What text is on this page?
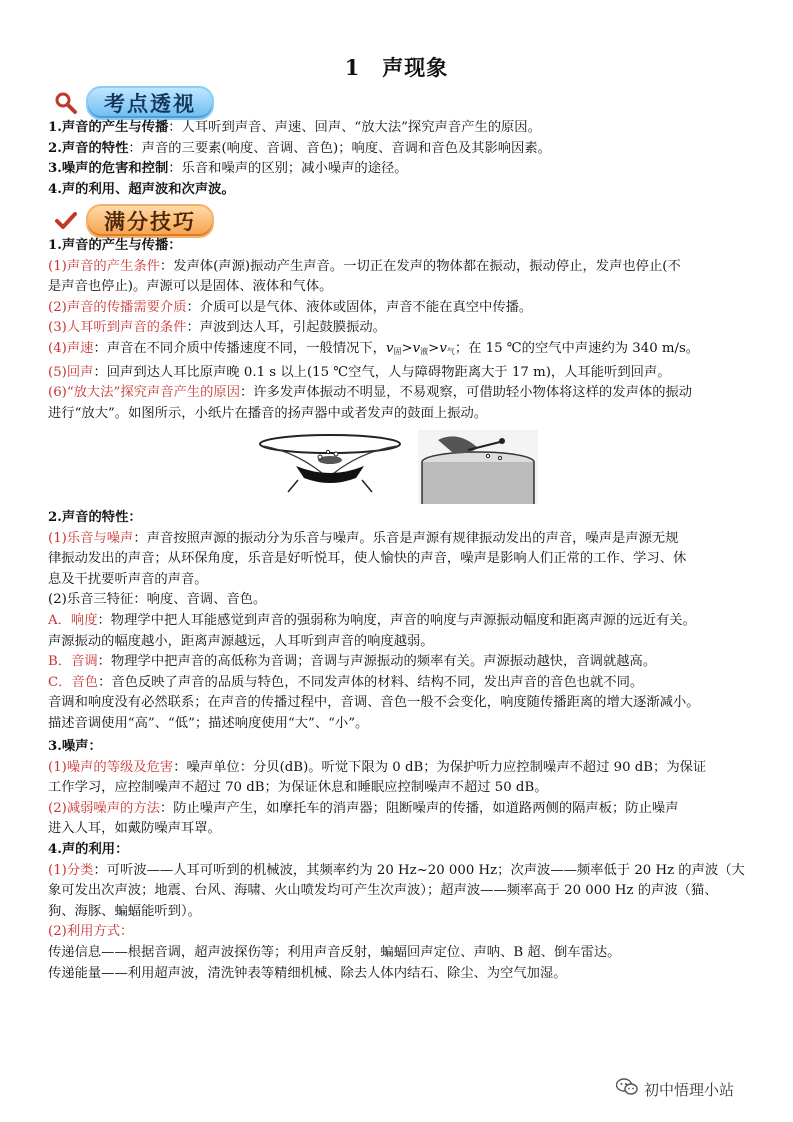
1　声现象
考点透视
1.声音的产生与传播：人耳听到声音、声速、回声、“放大法”探究声音产生的原因。
2.声音的特性：声音的三要素(响度、音调、音色)；响度、音调和音色及其影响因素。
3.噪声的危害和控制：乐音和噪声的区别；减小噪声的途径。
4.声的利用、超声波和次声波。
满分技巧
1.声音的产生与传播：
(1)声音的产生条件：发声体(声源)振动产生声音。一切正在发声的物体都在振动，振动停止，发声也停止(不
是声音也停止)。声源可以是固体、液体和气体。
(2)声音的传播需要介质：介质可以是气体、液体或固体，声音不能在真空中传播。
(3)人耳听到声音的条件：声波到达人耳，引起鼓膜振动。
(4)声速：声音在不同介质中传播速度不同，一般情况下，$v_固>v_液>v_气$；在 15 ℃的空气中声速约为 340 m/s。
(5)回声：回声到达人耳比原声晚 0.1 s 以上(15 ℃空气，人与障碍物距离大于 17 m)，人耳能听到回声。
(6)“放大法”探究声音产生的原因：许多发声体振动不明显，不易观察，可借助轻小物体将这样的发声体的振动
进行“放大”。如图所示，小纸片在播音的扬声器中或者发声的鼓面上振动。
2.声音的特性：
(1)乐音与噪声：声音按照声源的振动分为乐音与噪声。乐音是声源有规律振动发出的声音，噪声是声源无规
律振动发出的声音；从环保角度，乐音是好听悦耳，使人愉快的声音，噪声是影响人们正常的工作、学习、休
息及干扰要听声音的声音。
(2)乐音三特征：响度、音调、音色。
A．响度：物理学中把人耳能感觉到声音的强弱称为响度，声音的响度与声源振动幅度和距离声源的远近有关。
声源振动的幅度越小，距离声源越远，人耳听到声音的响度越弱。
B．音调：物理学中把声音的高低称为音调；音调与声源振动的频率有关。声源振动越快，音调就越高。
C．音色：音色反映了声音的品质与特色，不同发声体的材料、结构不同，发出声音的音色也就不同。
音调和响度没有必然联系；在声音的传播过程中，音调、音色一般不会变化，响度随传播距离的增大逐渐减小。
描述音调使用“高”、“低”；描述响度使用“大”、“小”。
3.噪声：
(1)噪声的等级及危害：噪声单位：分贝(dB)。听觉下限为 0 dB；为保护听力应控制噪声不超过 90 dB；为保证
工作学习，应控制噪声不超过 70 dB；为保证休息和睡眠应控制噪声不超过 50 dB。
(2)减弱噪声的方法：防止噪声产生，如摩托车的消声器；阻断噪声的传播，如道路两侧的隔声板；防止噪声
进入人耳，如戴防噪声耳罩。
4.声的利用：
(1)分类：可听波——人耳可听到的机械波，其频率约为 20 Hz~20 000 Hz；次声波——频率低于 20 Hz 的声波（大
象可发出次声波；地震、台风、海啸、火山喷发均可产生次声波）；超声波——频率高于 20 000 Hz 的声波（猫、
狗、海豚、蝙蝠能听到）。
(2)利用方式：
传递信息——根据音调，超声波探伤等；利用声音反射，蝙蝠回声定位、声呐、B 超、倒车雷达。
传递能量——利用超声波，清洗钟表等精细机械、除去人体内结石、除尘、为空气加湿。
初中悟理小站
